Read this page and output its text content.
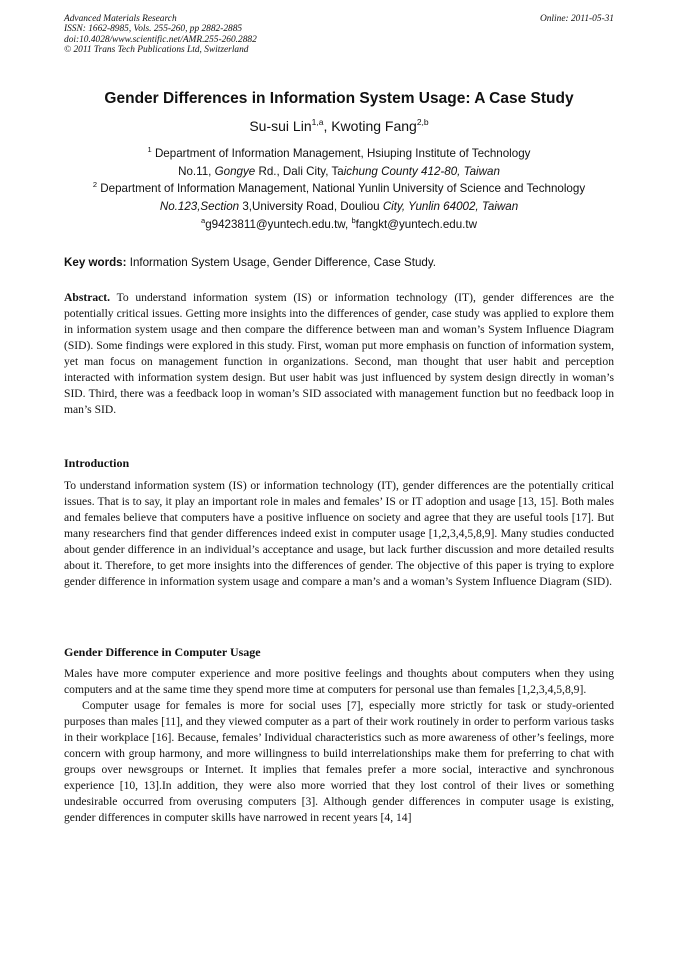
Advanced Materials Research
ISSN: 1662-8985, Vols. 255-260, pp 2882-2885
doi:10.4028/www.scientific.net/AMR.255-260.2882
© 2011 Trans Tech Publications Ltd, Switzerland
Online: 2011-05-31
Gender Differences in Information System Usage: A Case Study
Su-sui Lin$^{1,a}$, Kwoting Fang$^{2,b}$
$^1$ Department of Information Management, Hsiuping Institute of Technology
No.11, Gongye Rd., Dali City, Taichung County 412-80, Taiwan
$^2$ Department of Information Management, National Yunlin University of Science and Technology
No.123,Section 3,University Road, Douliou City, Yunlin 64002, Taiwan
$^a$g9423811@yuntech.edu.tw, $^b$fangkt@yuntech.edu.tw
Key words: Information System Usage, Gender Difference, Case Study.
Abstract. To understand information system (IS) or information technology (IT), gender differences are the potentially critical issues. Getting more insights into the differences of gender, case study was applied to explore them in information system usage and then compare the difference between man and woman’s System Influence Diagram (SID). Some findings were explored in this study. First, woman put more emphasis on function of information system, yet man focus on management function in organizations. Second, man thought that user habit and perception interacted with information system design. But user habit was just influenced by system design directly in woman’s SID. Third, there was a feedback loop in woman’s SID associated with management function but no feedback loop in man’s SID.
Introduction
To understand information system (IS) or information technology (IT), gender differences are the potentially critical issues. That is to say, it play an important role in males and females’ IS or IT adoption and usage [13, 15]. Both males and females believe that computers have a positive influence on society and agree that they are useful tools [17]. But many researchers find that gender differences indeed exist in computer usage [1,2,3,4,5,8,9]. Many studies conducted about gender difference in an individual’s acceptance and usage, but lack further discussion and more detailed results about it. Therefore, to get more insights into the differences of gender. The objective of this paper is trying to explore gender difference in information system usage and compare a man’s and a woman’s System Influence Diagram (SID).
Gender Difference in Computer Usage

Males have more computer experience and more positive feelings and thoughts about computers when they using computers and at the same time they spend more time at computers for personal use than females [1,2,3,4,5,8,9].

Computer usage for females is more for social uses [7], especially more strictly for task or study-oriented purposes than males [11], and they viewed computer as a part of their work routinely in order to perform various tasks in their workplace [16]. Because, females’ Individual characteristics such as more awareness of other’s feelings, more concern with group harmony, and more willingness to build interrelationships make them for preferring to chat with groups over newsgroups or Internet. It implies that females prefer a more social, interactive and synchronous experience [10, 13].In addition, they were also more worried that they lost control of their lives or something undesirable occurred from overusing computers [3]. Although gender differences in computer usage is existing, gender differences in computer skills have narrowed in recent years [4, 14]
